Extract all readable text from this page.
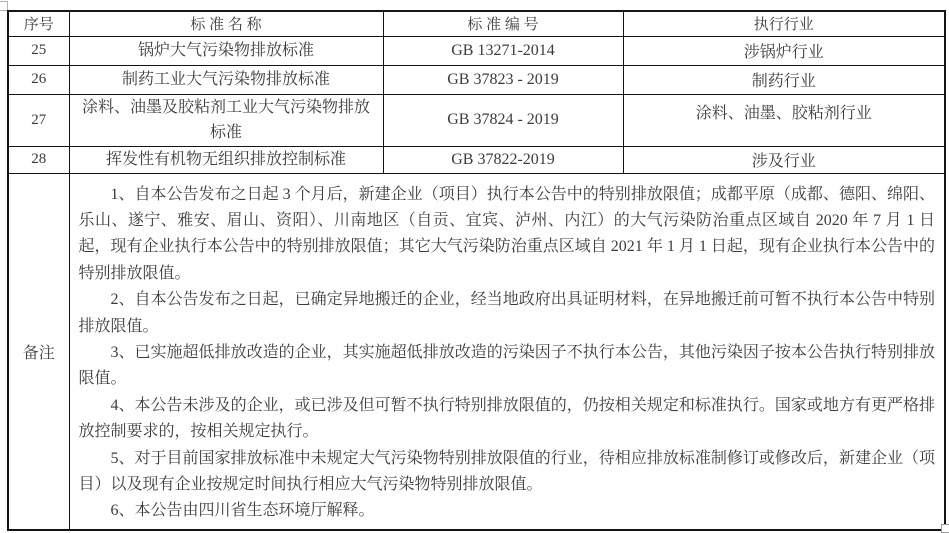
序号	标 准 名 称	标 准 编 号	执行行业
25	锅炉大气污染物排放标准	GB 13271-2014	涉锅炉行业
26	制药工业大气污染物排放标准	GB 37823 - 2019	制药行业
27	涂料、油墨及胶粘剂工业大气污染物排放标准	GB 37824 - 2019	涂料、油墨、胶粘剂行业
28	挥发性有机物无组织排放控制标准	GB 37822-2019	涉及行业
备注	

1、自本公告发布之日起 3 个月后，新建企业（项目）执行本公告中的特别排放限值；成都平原（成都、德阳、绵阳、乐山、遂宁、雅安、眉山、资阳）、川南地区（自贡、宜宾、泸州、内江）的大气污染防治重点区域自 2020 年 7 月 1 日起，现有企业执行本公告中的特别排放限值；其它大气污染防治重点区域自 2021 年 1 月 1 日起，现有企业执行本公告中的特别排放限值。

2、自本公告发布之日起，已确定异地搬迁的企业，经当地政府出具证明材料，在异地搬迁前可暂不执行本公告中特别排放限值。

3、已实施超低排放改造的企业，其实施超低排放改造的污染因子不执行本公告，其他污染因子按本公告执行特别排放限值。

4、本公告未涉及的企业，或已涉及但可暂不执行特别排放限值的，仍按相关规定和标准执行。国家或地方有更严格排放控制要求的，按相关规定执行。

5、对于目前国家排放标准中未规定大气污染物特别排放限值的行业，待相应排放标准制修订或修改后，新建企业（项目）以及现有企业按规定时间执行相应大气污染物特别排放限值。

6、本公告由四川省生态环境厅解释。
